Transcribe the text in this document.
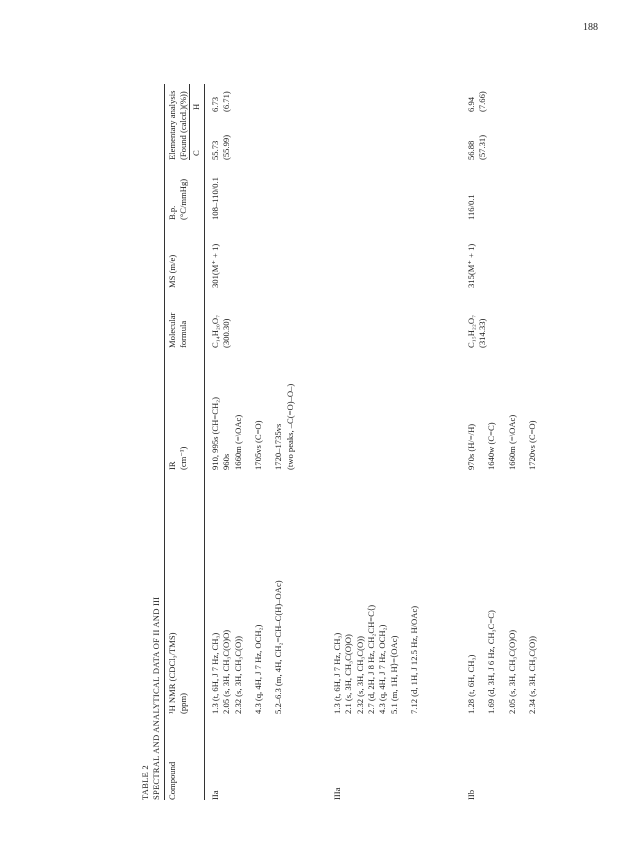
188
TABLE 2 SPECTRAL AND ANALYTICAL DATA OF II AND III Compound
¹H NMR (CDCl₃/TMS) (ppm)
IR (cm⁻¹)
Molecular formula
MS (m/e)
B.p. (°C/mmHg)
Elementary analysis (Found (calcd.)(%)) C
H
IIa
1.3 (t, 6H, J 7 Hz, CH₃) 2.05 (s, 3H, CH₃C(O)O) 2.32 (s, 3H, CH₃C(O)) 4.3 (q, 4H, J 7 Hz, OCH₂) 5.2–6.3 (m, 4H, CH₂=CH–C(H)–OAc)
910, 995s (CH=CH₂) 960s 1660m (=\OAc) 1705vs (C=O) 1720–1735vs (two peaks, –C(=O)–O–)
C₁₄H₂₀O₇ (300.30)
301(M⁺ + 1)
108–110/0.1
55.73 (55.99)
6.73 (6.71)
IIIa
1.3 (t, 6H, J 7 Hz, CH₃) 2.1 (s, 3H, CH₃C(O)O) 2.32 (s, 3H, CH₃C(O)) 2.7 (d, 2H, J 8 Hz, CH₂CH=C⟨) 4.3 (q, 4H, J 7 Hz, OCH₂) 5.1 (m, 1H, H⟩=⟨OAc) 7.12 (d, 1H, J 12.5 Hz, H/OAc)
IIb
1.28 (t, 6H, CH₃) 1.69 (d, 3H, J 6 Hz, CH₃C=C) 2.05 (s, 3H, CH₃C(O)O) 2.34 (s, 3H, CH₃C(O))
970s (H/=/H) 1640w (C=C) 1660m (=\OAc) 1720vs (C=O)
C₁₅H₂₂O₇ (314.33)
315(M⁺ + 1)
116/0.1
56.88 (57.31)
6.94 (7.66)
